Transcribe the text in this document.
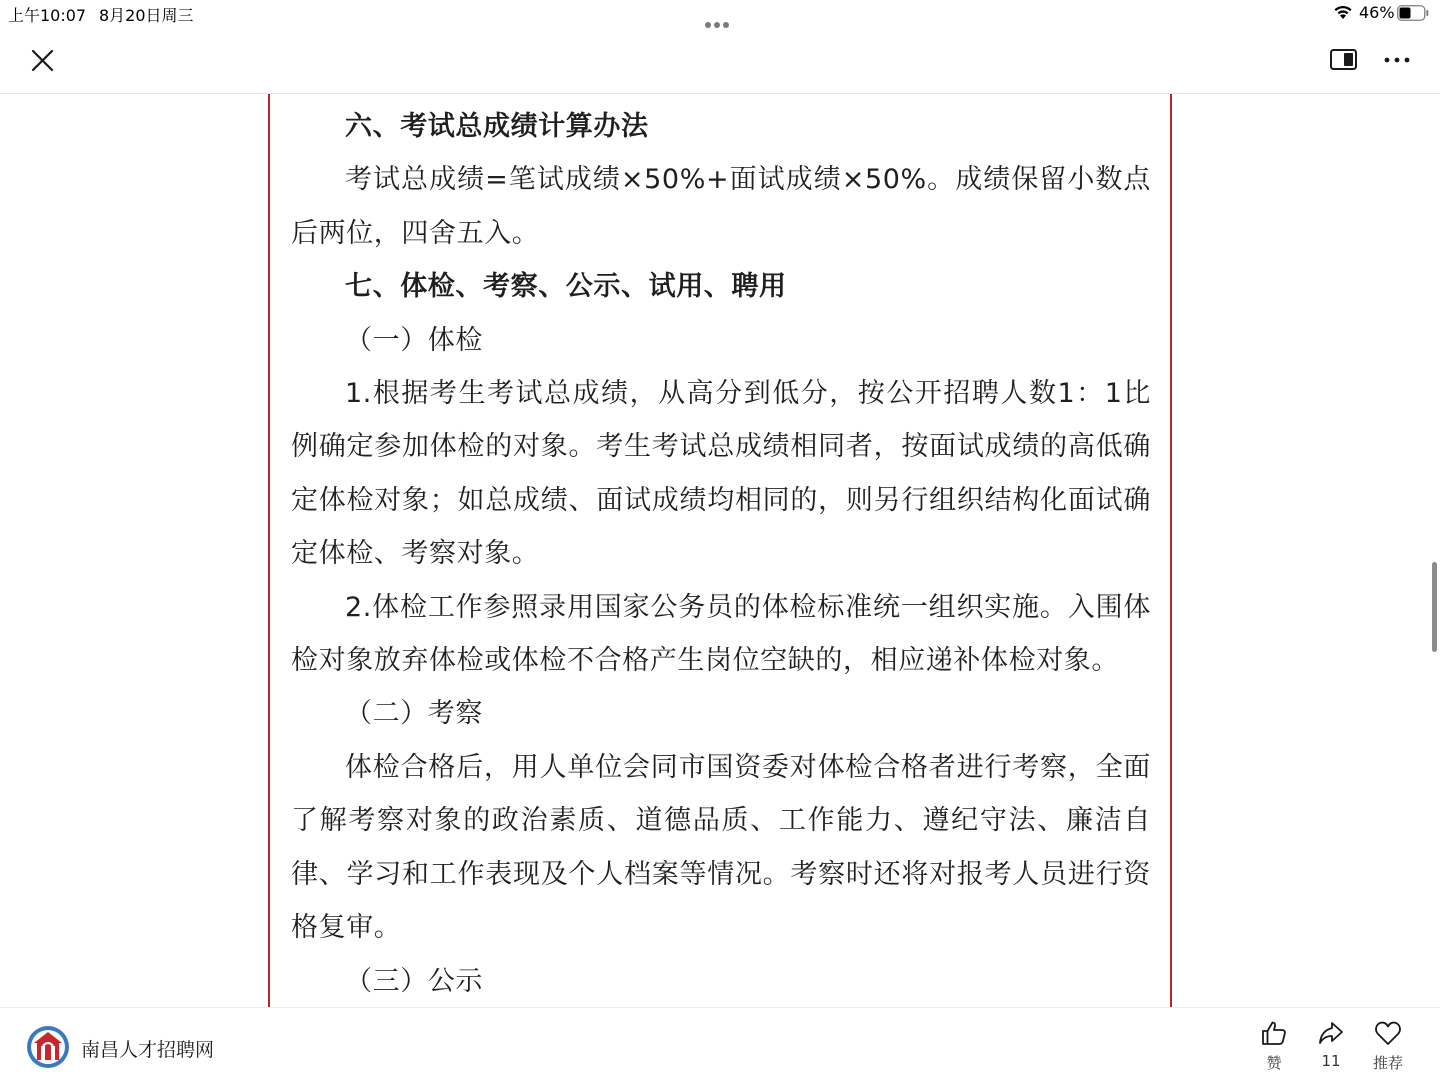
上午10:07 8月20日周三	46%

六、考试总成绩计算办法

考试总成绩=笔试成绩×50%+面试成绩×50%。成绩保留小数点后两位，四舍五入。

七、体检、考察、公示、试用、聘用

（一）体检

1.根据考生考试总成绩，从高分到低分，按公开招聘人数1：1比例确定参加体检的对象。考生考试总成绩相同者，按面试成绩的高低确定体检对象；如总成绩、面试成绩均相同的，则另行组织结构化面试确定体检、考察对象。

2.体检工作参照录用国家公务员的体检标准统一组织实施。入围体检对象放弃体检或体检不合格产生岗位空缺的，相应递补体检对象。

（二）考察

体检合格后，用人单位会同市国资委对体检合格者进行考察，全面了解考察对象的政治素质、道德品质、工作能力、遵纪守法、廉洁自律、学习和工作表现及个人档案等情况。考察时还将对报考人员进行资格复审。

（三）公示

南昌人才招聘网
赞	11	推荐
